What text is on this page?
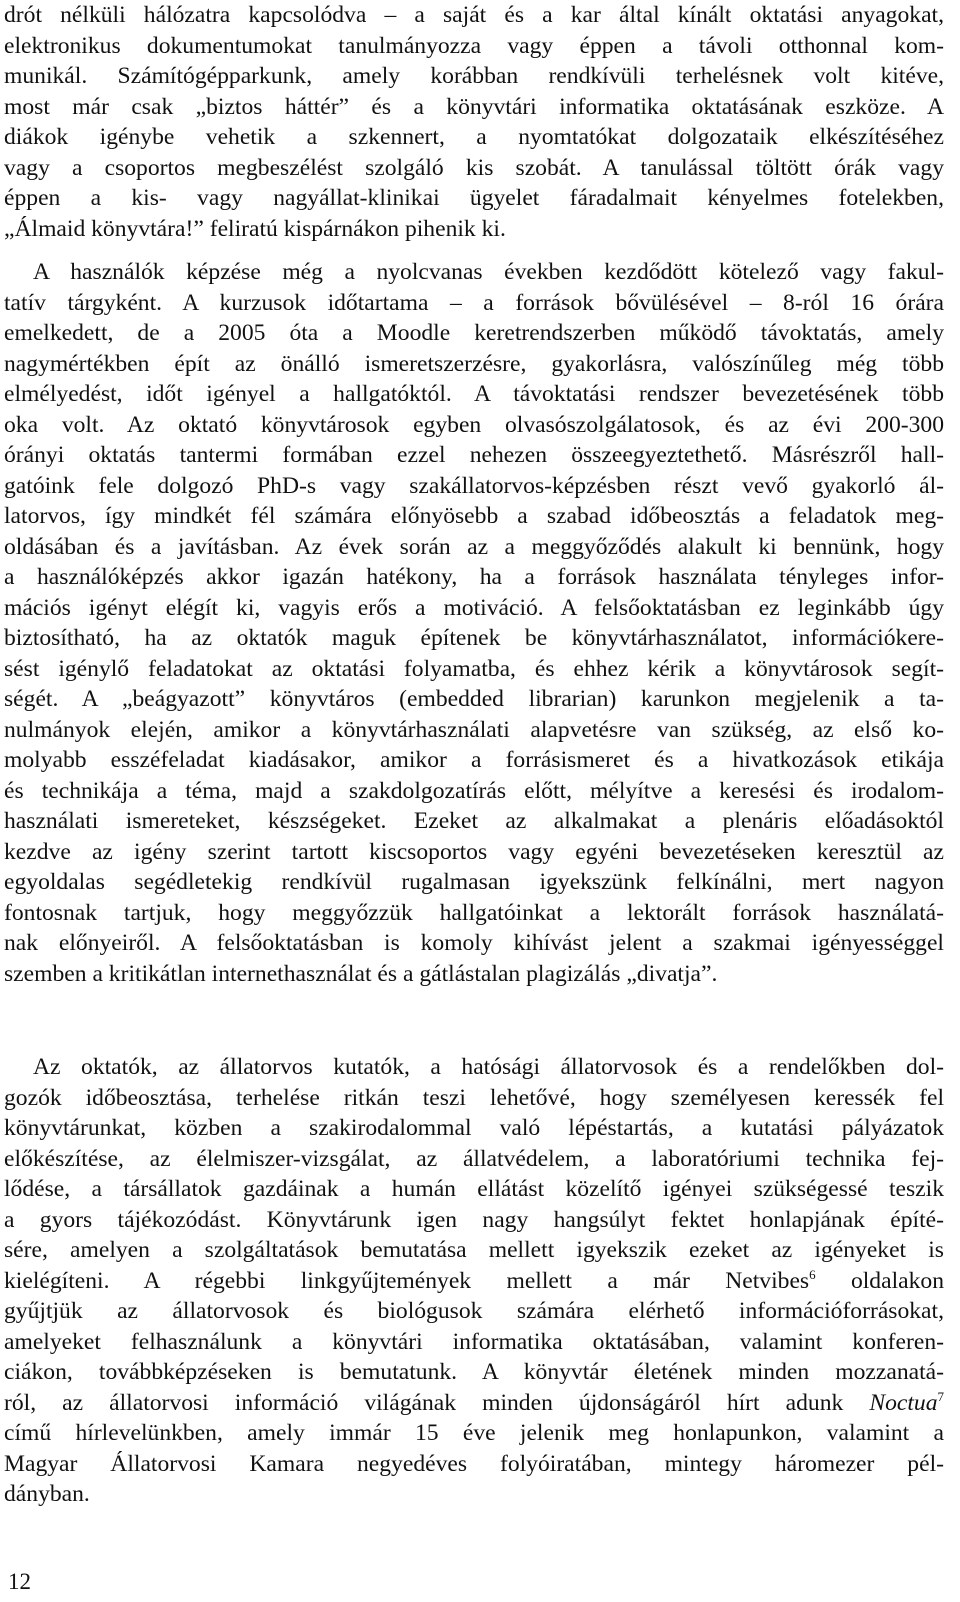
drót nélküli hálózatra kapcsolódva – a saját és a kar által kínált oktatási anyagokat,
elektronikus dokumentumokat tanulmányozza vagy éppen a távoli otthonnal kom-
munikál. Számítógépparkunk, amely korábban rendkívüli terhelésnek volt kitéve,
most már csak „biztos háttér” és a könyvtári informatika oktatásának eszköze. A
diákok igénybe vehetik a szkennert, a nyomtatókat dolgozataik elkészítéséhez
vagy a csoportos megbeszélést szolgáló kis szobát. A tanulással töltött órák vagy
éppen a kis- vagy nagyállat-klinikai ügyelet fáradalmait kényelmes fotelekben,
„Álmaid könyvtára!” feliratú kispárnákon pihenik ki.
A használók képzése még a nyolcvanas években kezdődött kötelező vagy fakul-
tatív tárgyként. A kurzusok időtartama – a források bővülésével – 8-ról 16 órára
emelkedett, de a 2005 óta a Moodle keretrendszerben működő távoktatás, amely
nagymértékben épít az önálló ismeretszerzésre, gyakorlásra, valószínűleg még több
elmélyedést, időt igényel a hallgatóktól. A távoktatási rendszer bevezetésének több
oka volt. Az oktató könyvtárosok egyben olvasószolgálatosok, és az évi 200-300
órányi oktatás tantermi formában ezzel nehezen összeegyeztethető. Másrészről hall-
gatóink fele dolgozó PhD-s vagy szakállatorvos-képzésben részt vevő gyakorló ál-
latorvos, így mindkét fél számára előnyösebb a szabad időbeosztás a feladatok meg-
oldásában és a javításban. Az évek során az a meggyőződés alakult ki bennünk, hogy
a használóképzés akkor igazán hatékony, ha a források használata tényleges infor-
mációs igényt elégít ki, vagyis erős a motiváció. A felsőoktatásban ez leginkább úgy
biztosítható, ha az oktatók maguk építenek be könyvtárhasználatot, információkere-
sést igénylő feladatokat az oktatási folyamatba, és ehhez kérik a könyvtárosok segít-
ségét. A „beágyazott” könyvtáros (embedded librarian) karunkon megjelenik a ta-
nulmányok elején, amikor a könyvtárhasználati alapvetésre van szükség, az első ko-
molyabb esszéfeladat kiadásakor, amikor a forrásismeret és a hivatkozások etikája
és technikája a téma, majd a szakdolgozatírás előtt, mélyítve a keresési és irodalom-
használati ismereteket, készségeket. Ezeket az alkalmakat a plenáris előadásoktól
kezdve az igény szerint tartott kiscsoportos vagy egyéni bevezetéseken keresztül az
egyoldalas segédletekig rendkívül rugalmasan igyekszünk felkínálni, mert nagyon
fontosnak tartjuk, hogy meggyőzzük hallgatóinkat a lektorált források használatá-
nak előnyeiről. A felsőoktatásban is komoly kihívást jelent a szakmai igényességgel
szemben a kritikátlan internethasználat és a gátlástalan plagizálás „divatja”.
Az oktatók, az állatorvos kutatók, a hatósági állatorvosok és a rendelőkben dol-
gozók időbeosztása, terhelése ritkán teszi lehetővé, hogy személyesen keressék fel
könyvtárunkat, közben a szakirodalommal való lépéstartás, a kutatási pályázatok
előkészítése, az élelmiszer-vizsgálat, az állatvédelem, a laboratóriumi technika fej-
lődése, a társállatok gazdáinak a humán ellátást közelítő igényei szükségessé teszik
a gyors tájékozódást. Könyvtárunk igen nagy hangsúlyt fektet honlapjának építé-
sére, amelyen a szolgáltatások bemutatása mellett igyekszik ezeket az igényeket is
kielégíteni. A régebbi linkgyűjtemények mellett a már Netvibes$^6$ oldalakon
gyűjtjük az állatorvosok és biológusok számára elérhető információforrásokat,
amelyeket felhasználunk a könyvtári informatika oktatásában, valamint konferen-
ciákon, továbbképzéseken is bemutatunk. A könyvtár életének minden mozzanatá-
ról, az állatorvosi információ világának minden újdonságáról hírt adunk Noctua$^7$
című hírlevelünkben, amely immár 15 éve jelenik meg honlapunkon, valamint a
Magyar Állatorvosi Kamara negyedéves folyóiratában, mintegy háromezer pél-
dányban.
12
